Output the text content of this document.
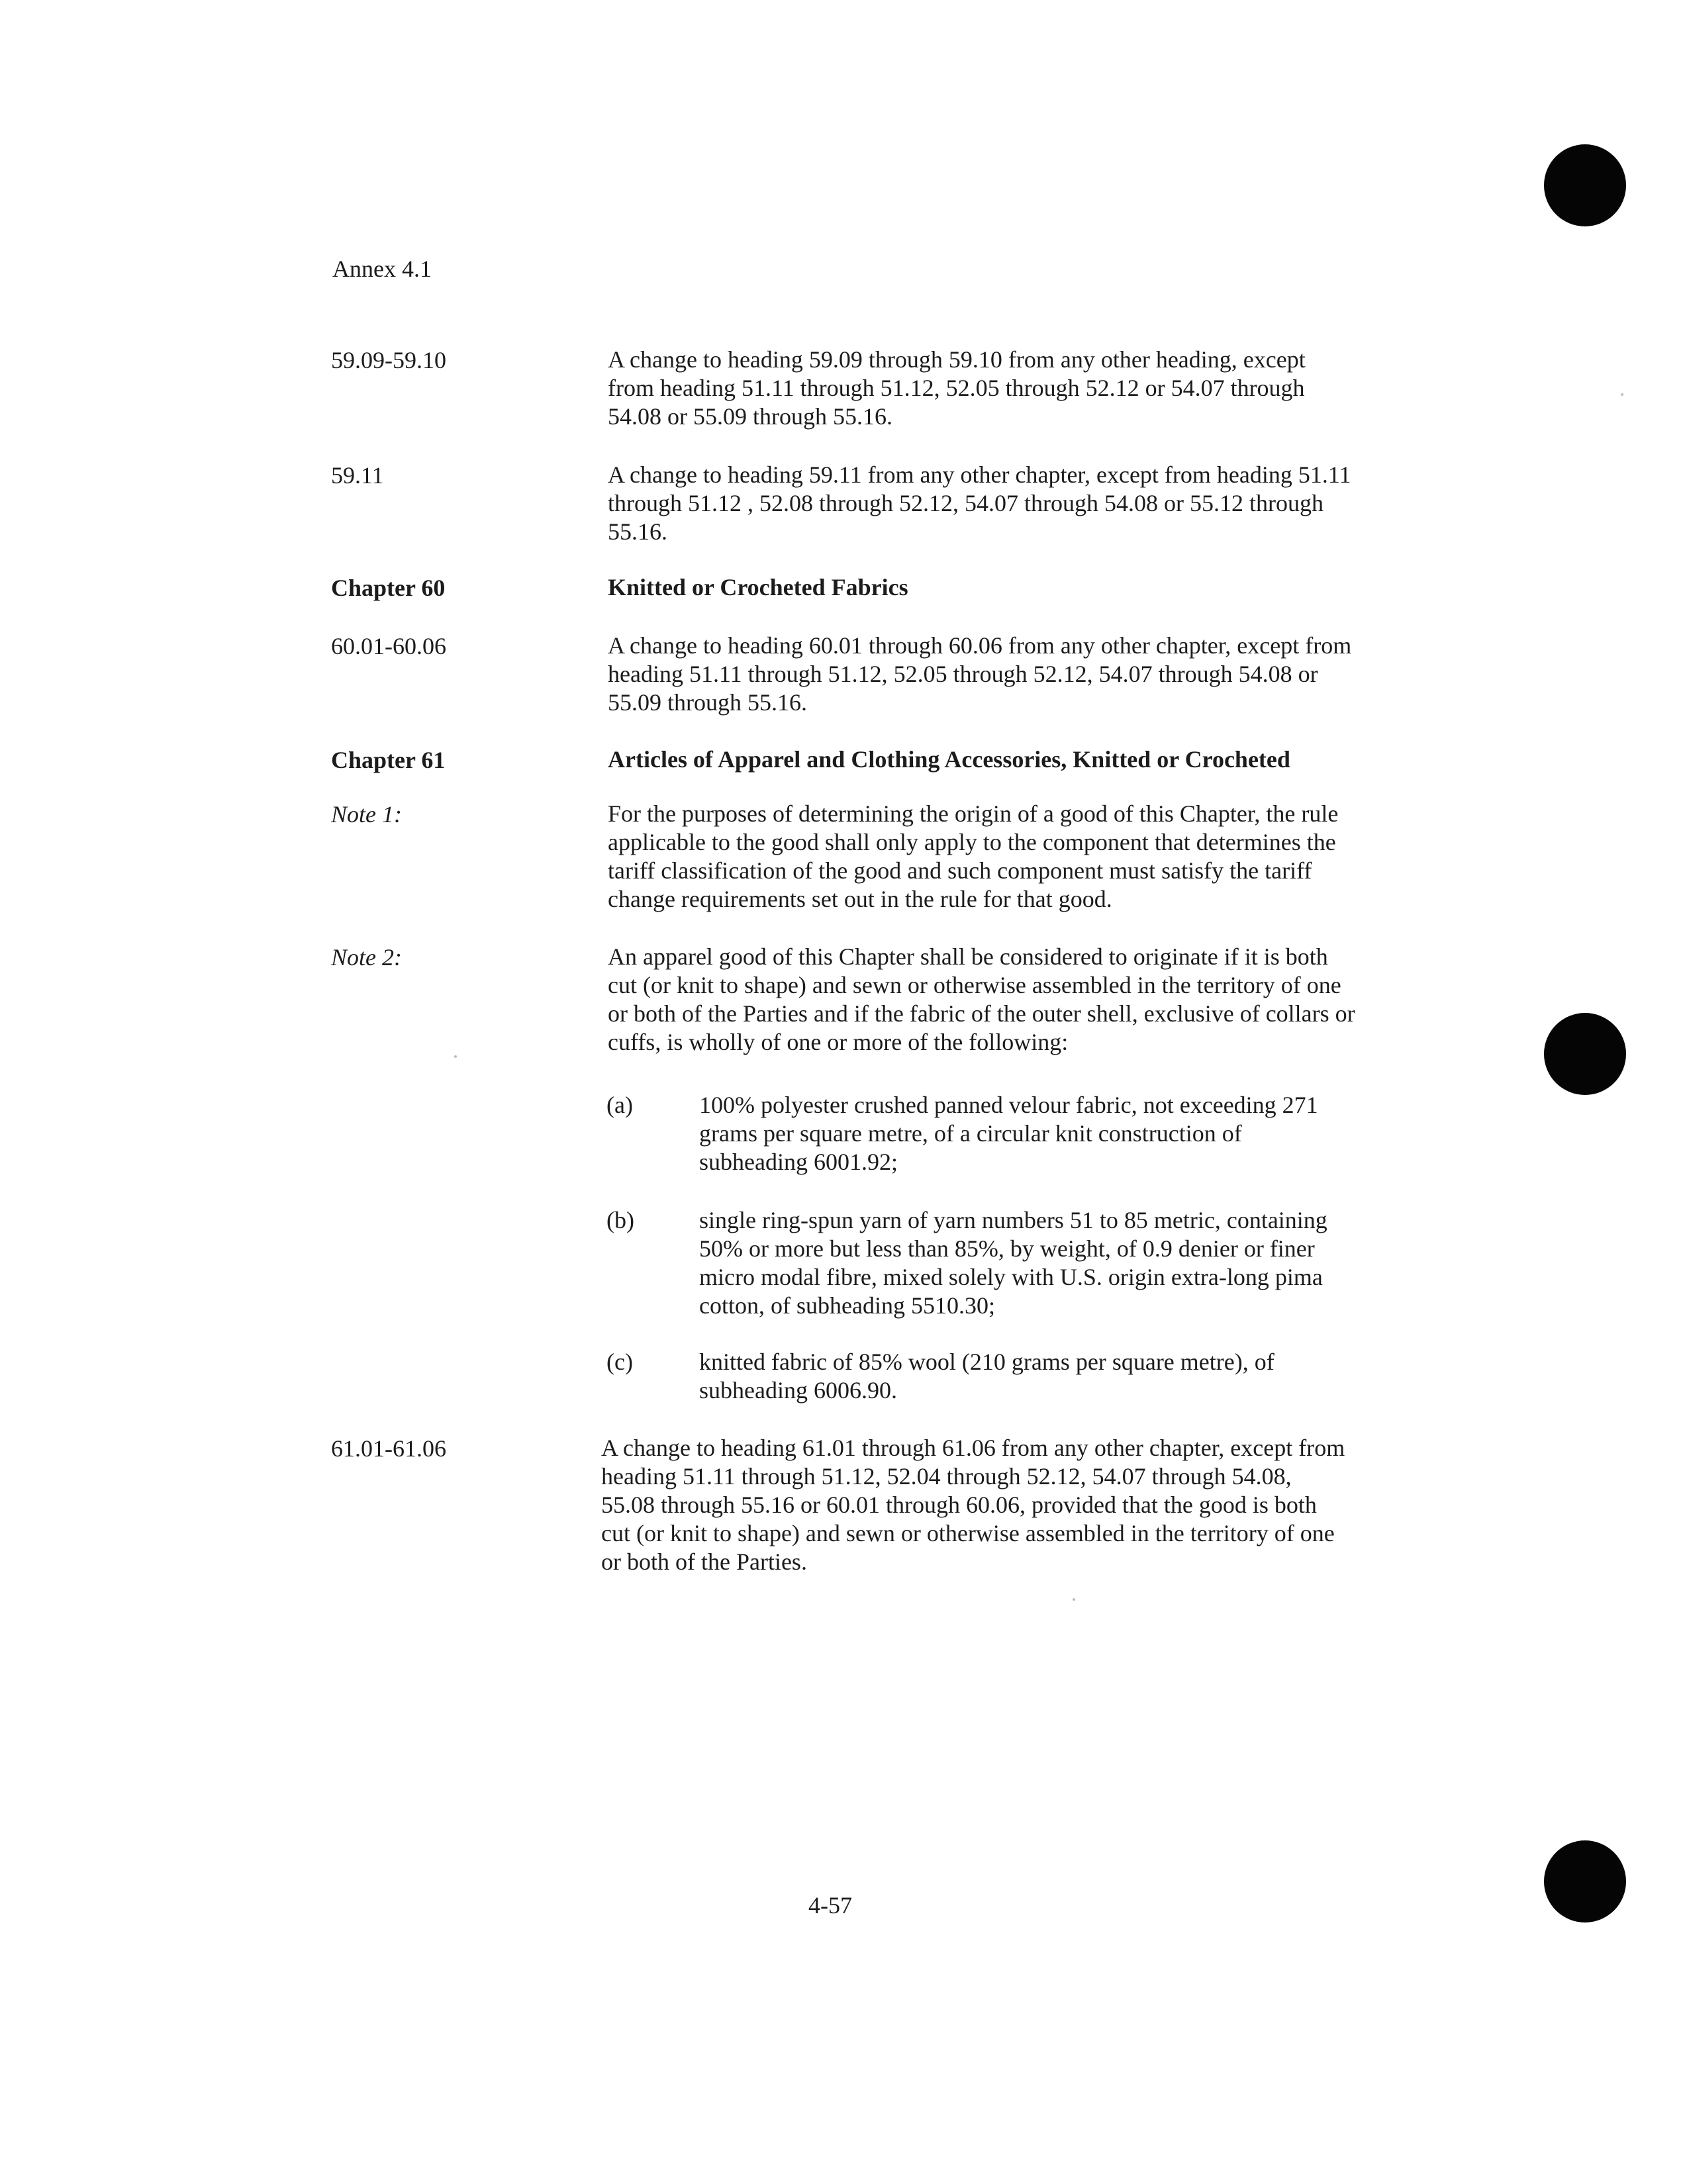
Annex 4.1
59.09-59.10	A change to heading 59.09 through 59.10 from any other heading, except from heading 51.11 through 51.12, 52.05 through 52.12 or 54.07 through 54.08 or 55.09 through 55.16.
59.11	A change to heading 59.11 from any other chapter, except from heading 51.11 through 51.12 , 52.08 through 52.12, 54.07 through 54.08 or 55.12 through 55.16.
Chapter 60	Knitted or Crocheted Fabrics
60.01-60.06	A change to heading 60.01 through 60.06 from any other chapter, except from heading 51.11 through 51.12, 52.05 through 52.12, 54.07 through 54.08 or 55.09 through 55.16.
Chapter 61	Articles of Apparel and Clothing Accessories, Knitted or Crocheted
Note 1:	For the purposes of determining the origin of a good of this Chapter, the rule applicable to the good shall only apply to the component that determines the tariff classification of the good and such component must satisfy the tariff change requirements set out in the rule for that good.
Note 2:	An apparel good of this Chapter shall be considered to originate if it is both cut (or knit to shape) and sewn or otherwise assembled in the territory of one or both of the Parties and if the fabric of the outer shell, exclusive of collars or cuffs, is wholly of one or more of the following:
(a)	100% polyester crushed panned velour fabric, not exceeding 271 grams per square metre, of a circular knit construction of subheading 6001.92;
(b)	single ring-spun yarn of yarn numbers 51 to 85 metric, containing 50% or more but less than 85%, by weight, of 0.9 denier or finer micro modal fibre, mixed solely with U.S. origin extra-long pima cotton, of subheading 5510.30;
(c)	knitted fabric of 85% wool (210 grams per square metre), of subheading 6006.90.
61.01-61.06	A change to heading 61.01 through 61.06 from any other chapter, except from heading 51.11 through 51.12, 52.04 through 52.12, 54.07 through 54.08, 55.08 through 55.16 or 60.01 through 60.06, provided that the good is both cut (or knit to shape) and sewn or otherwise assembled in the territory of one or both of the Parties.
4-57
